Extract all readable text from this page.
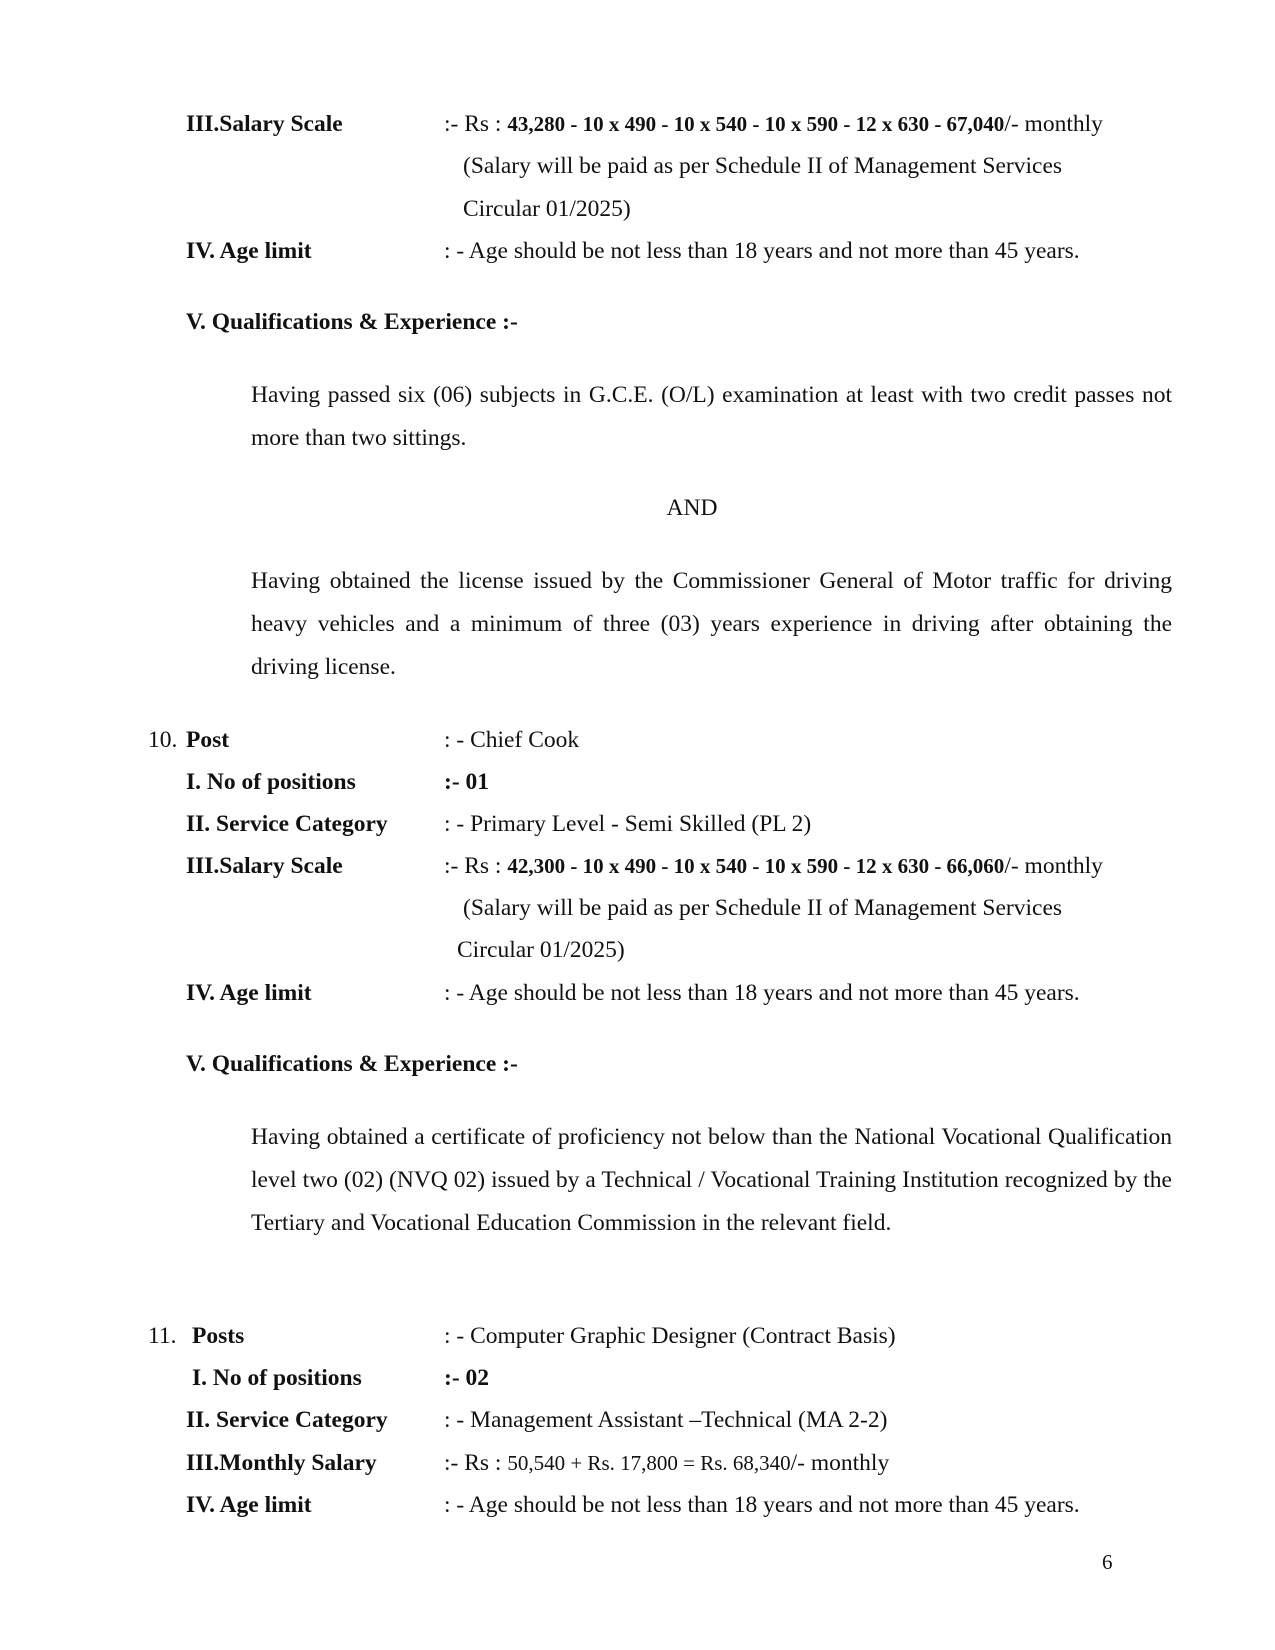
III.Salary Scale	:- Rs : 43,280 - 10 x 490 - 10 x 540 - 10 x 590 - 12 x 630 - 67,040/- monthly
(Salary will be paid as per Schedule II of Management Services
Circular 01/2025)
IV. Age limit	: - Age should be not less than 18 years and not more than 45 years.
V. Qualifications & Experience :-
Having passed six (06) subjects in G.C.E. (O/L) examination at least with two credit passes not more than two sittings.
AND
Having obtained the license issued by the Commissioner General of Motor traffic for driving heavy vehicles and a minimum of three (03) years experience in driving after obtaining the driving license.
10. Post	: - Chief Cook
I. No of positions	:- 01
II. Service Category : - Primary Level - Semi Skilled (PL 2)
III.Salary Scale	:- Rs : 42,300 - 10 x 490 - 10 x 540 - 10 x 590 - 12 x 630 - 66,060/- monthly
(Salary will be paid as per Schedule II of Management Services
Circular 01/2025)
IV. Age limit	: - Age should be not less than 18 years and not more than 45 years.
V. Qualifications & Experience :-
Having obtained a certificate of proficiency not below than the National Vocational Qualification level two (02) (NVQ 02) issued by a Technical / Vocational Training Institution recognized by the Tertiary and Vocational Education Commission in the relevant field.
11. Posts	: - Computer Graphic Designer (Contract Basis)
I. No of positions	:- 02
II. Service Category : - Management Assistant –Technical (MA 2-2)
III.Monthly Salary	:- Rs : 50,540 + Rs. 17,800 = Rs. 68,340/- monthly
IV. Age limit	: - Age should be not less than 18 years and not more than 45 years.
6
